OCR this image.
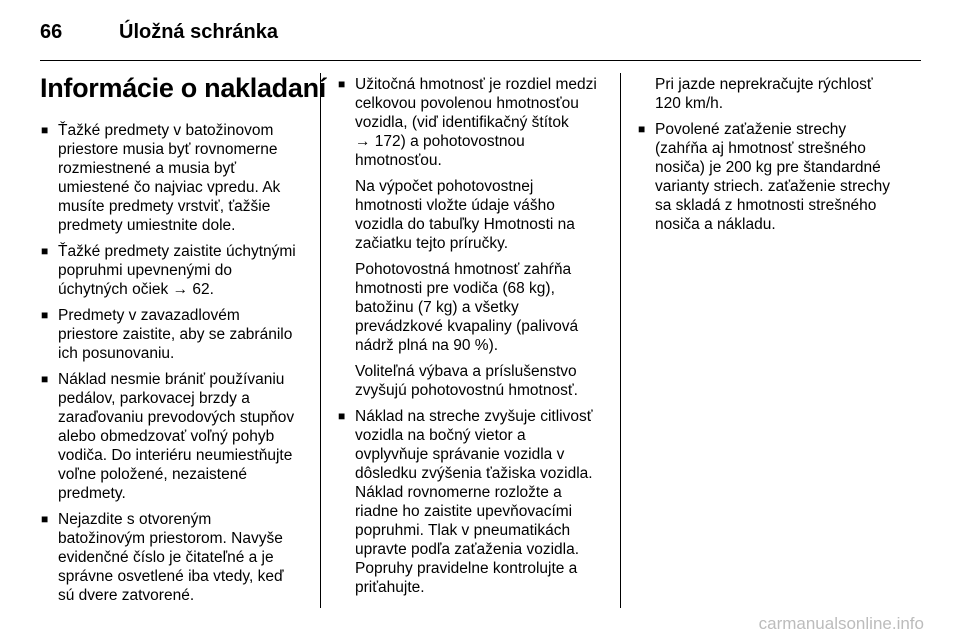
66	Úložná schránka
Informácie o nakladaní
■ Ťažké predmety v batožinovom
priestore musia byť rovnomerne
rozmiestnené a musia byť
umiestené čo najviac vpredu. Ak
musíte predmety vrstviť, ťažšie
predmety umiestnite dole.
■ Ťažké predmety zaistite úchytnými
popruhmi upevnenými do
úchytných očiek → 62.
■ Predmety v zavazadlovém
priestore zaistite, aby se zabránilo
ich posunovaniu.
■ Náklad nesmie brániť používaniu
pedálov, parkovacej brzdy a
zaraďovaniu prevodových stupňov
alebo obmedzovať voľný pohyb
vodiča. Do interiéru neumiestňujte
voľne položené, nezaistené
predmety.
■ Nejazdite s otvoreným
batožinovým priestorom. Navyše
evidenčné číslo je čitateľné a je
správne osvetlené iba vtedy, keď
sú dvere zatvorené.
■ Užitočná hmotnosť je rozdiel medzi
celkovou povolenou hmotnosťou
vozidla, (viď identifikačný štítok
→ 172) a pohotovostnou
hmotnosťou.
Na výpočet pohotovostnej
hmotnosti vložte údaje vášho
vozidla do tabuľky Hmotnosti na
začiatku tejto príručky.
Pohotovostná hmotnosť zahŕňa
hmotnosti pre vodiča (68 kg),
batožinu (7 kg) a všetky
prevádzkové kvapaliny (palivová
nádrž plná na 90 %).
Voliteľná výbava a príslušenstvo
zvyšujú pohotovostnú hmotnosť.
■ Náklad na streche zvyšuje citlivosť
vozidla na bočný vietor a
ovplyvňuje správanie vozidla v
dôsledku zvýšenia ťažiska vozidla.
Náklad rovnomerne rozložte a
riadne ho zaistite upevňovacími
popruhmi. Tlak v pneumatikách
upravte podľa zaťaženia vozidla.
Popruhy pravidelne kontrolujte a
priťahujte.
Pri jazde neprekračujte rýchlosť
120 km/h.
■ Povolené zaťaženie strechy
(zahŕňa aj hmotnosť strešného
nosiča) je 200 kg pre štandardné
varianty striech. zaťaženie strechy
sa skladá z hmotnosti strešného
nosiča a nákladu.
carmanualsonline.info
